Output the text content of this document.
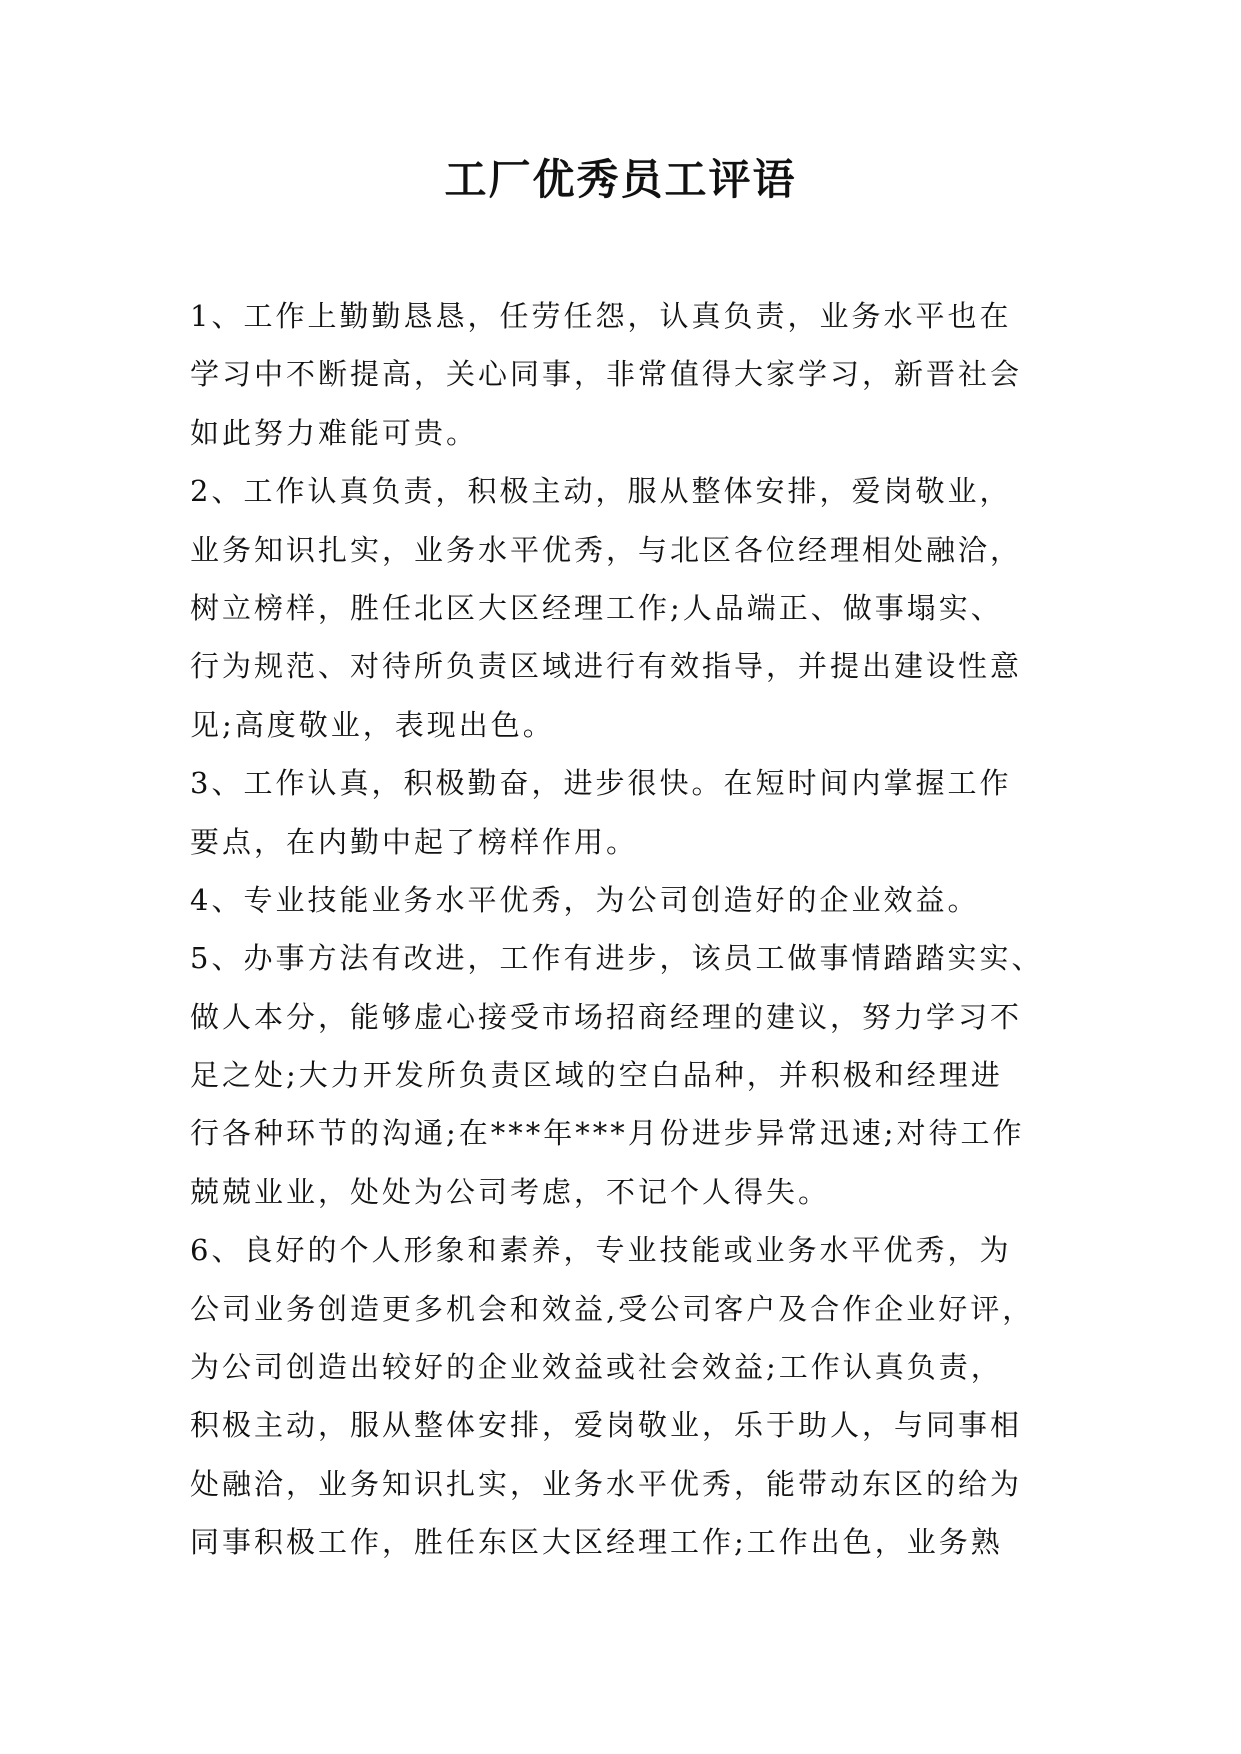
工厂优秀员工评语
1、工作上勤勤恳恳，任劳任怨，认真负责，业务水平也在
学习中不断提高，关心同事，非常值得大家学习，新晋社会
如此努力难能可贵。
2、工作认真负责，积极主动，服从整体安排，爱岗敬业，
业务知识扎实，业务水平优秀，与北区各位经理相处融洽，
树立榜样，胜任北区大区经理工作;人品端正、做事塌实、
行为规范、对待所负责区域进行有效指导，并提出建设性意
见;高度敬业，表现出色。
3、工作认真，积极勤奋，进步很快。在短时间内掌握工作
要点，在内勤中起了榜样作用。
4、专业技能业务水平优秀，为公司创造好的企业效益。
5、办事方法有改进，工作有进步，该员工做事情踏踏实实、
做人本分，能够虚心接受市场招商经理的建议，努力学习不
足之处;大力开发所负责区域的空白品种，并积极和经理进
行各种环节的沟通;在***年***月份进步异常迅速;对待工作
兢兢业业，处处为公司考虑，不记个人得失。
6、良好的个人形象和素养，专业技能或业务水平优秀，为
公司业务创造更多机会和效益,受公司客户及合作企业好评，
为公司创造出较好的企业效益或社会效益;工作认真负责，
积极主动，服从整体安排，爱岗敬业，乐于助人，与同事相
处融洽，业务知识扎实，业务水平优秀，能带动东区的给为
同事积极工作，胜任东区大区经理工作;工作出色，业务熟
